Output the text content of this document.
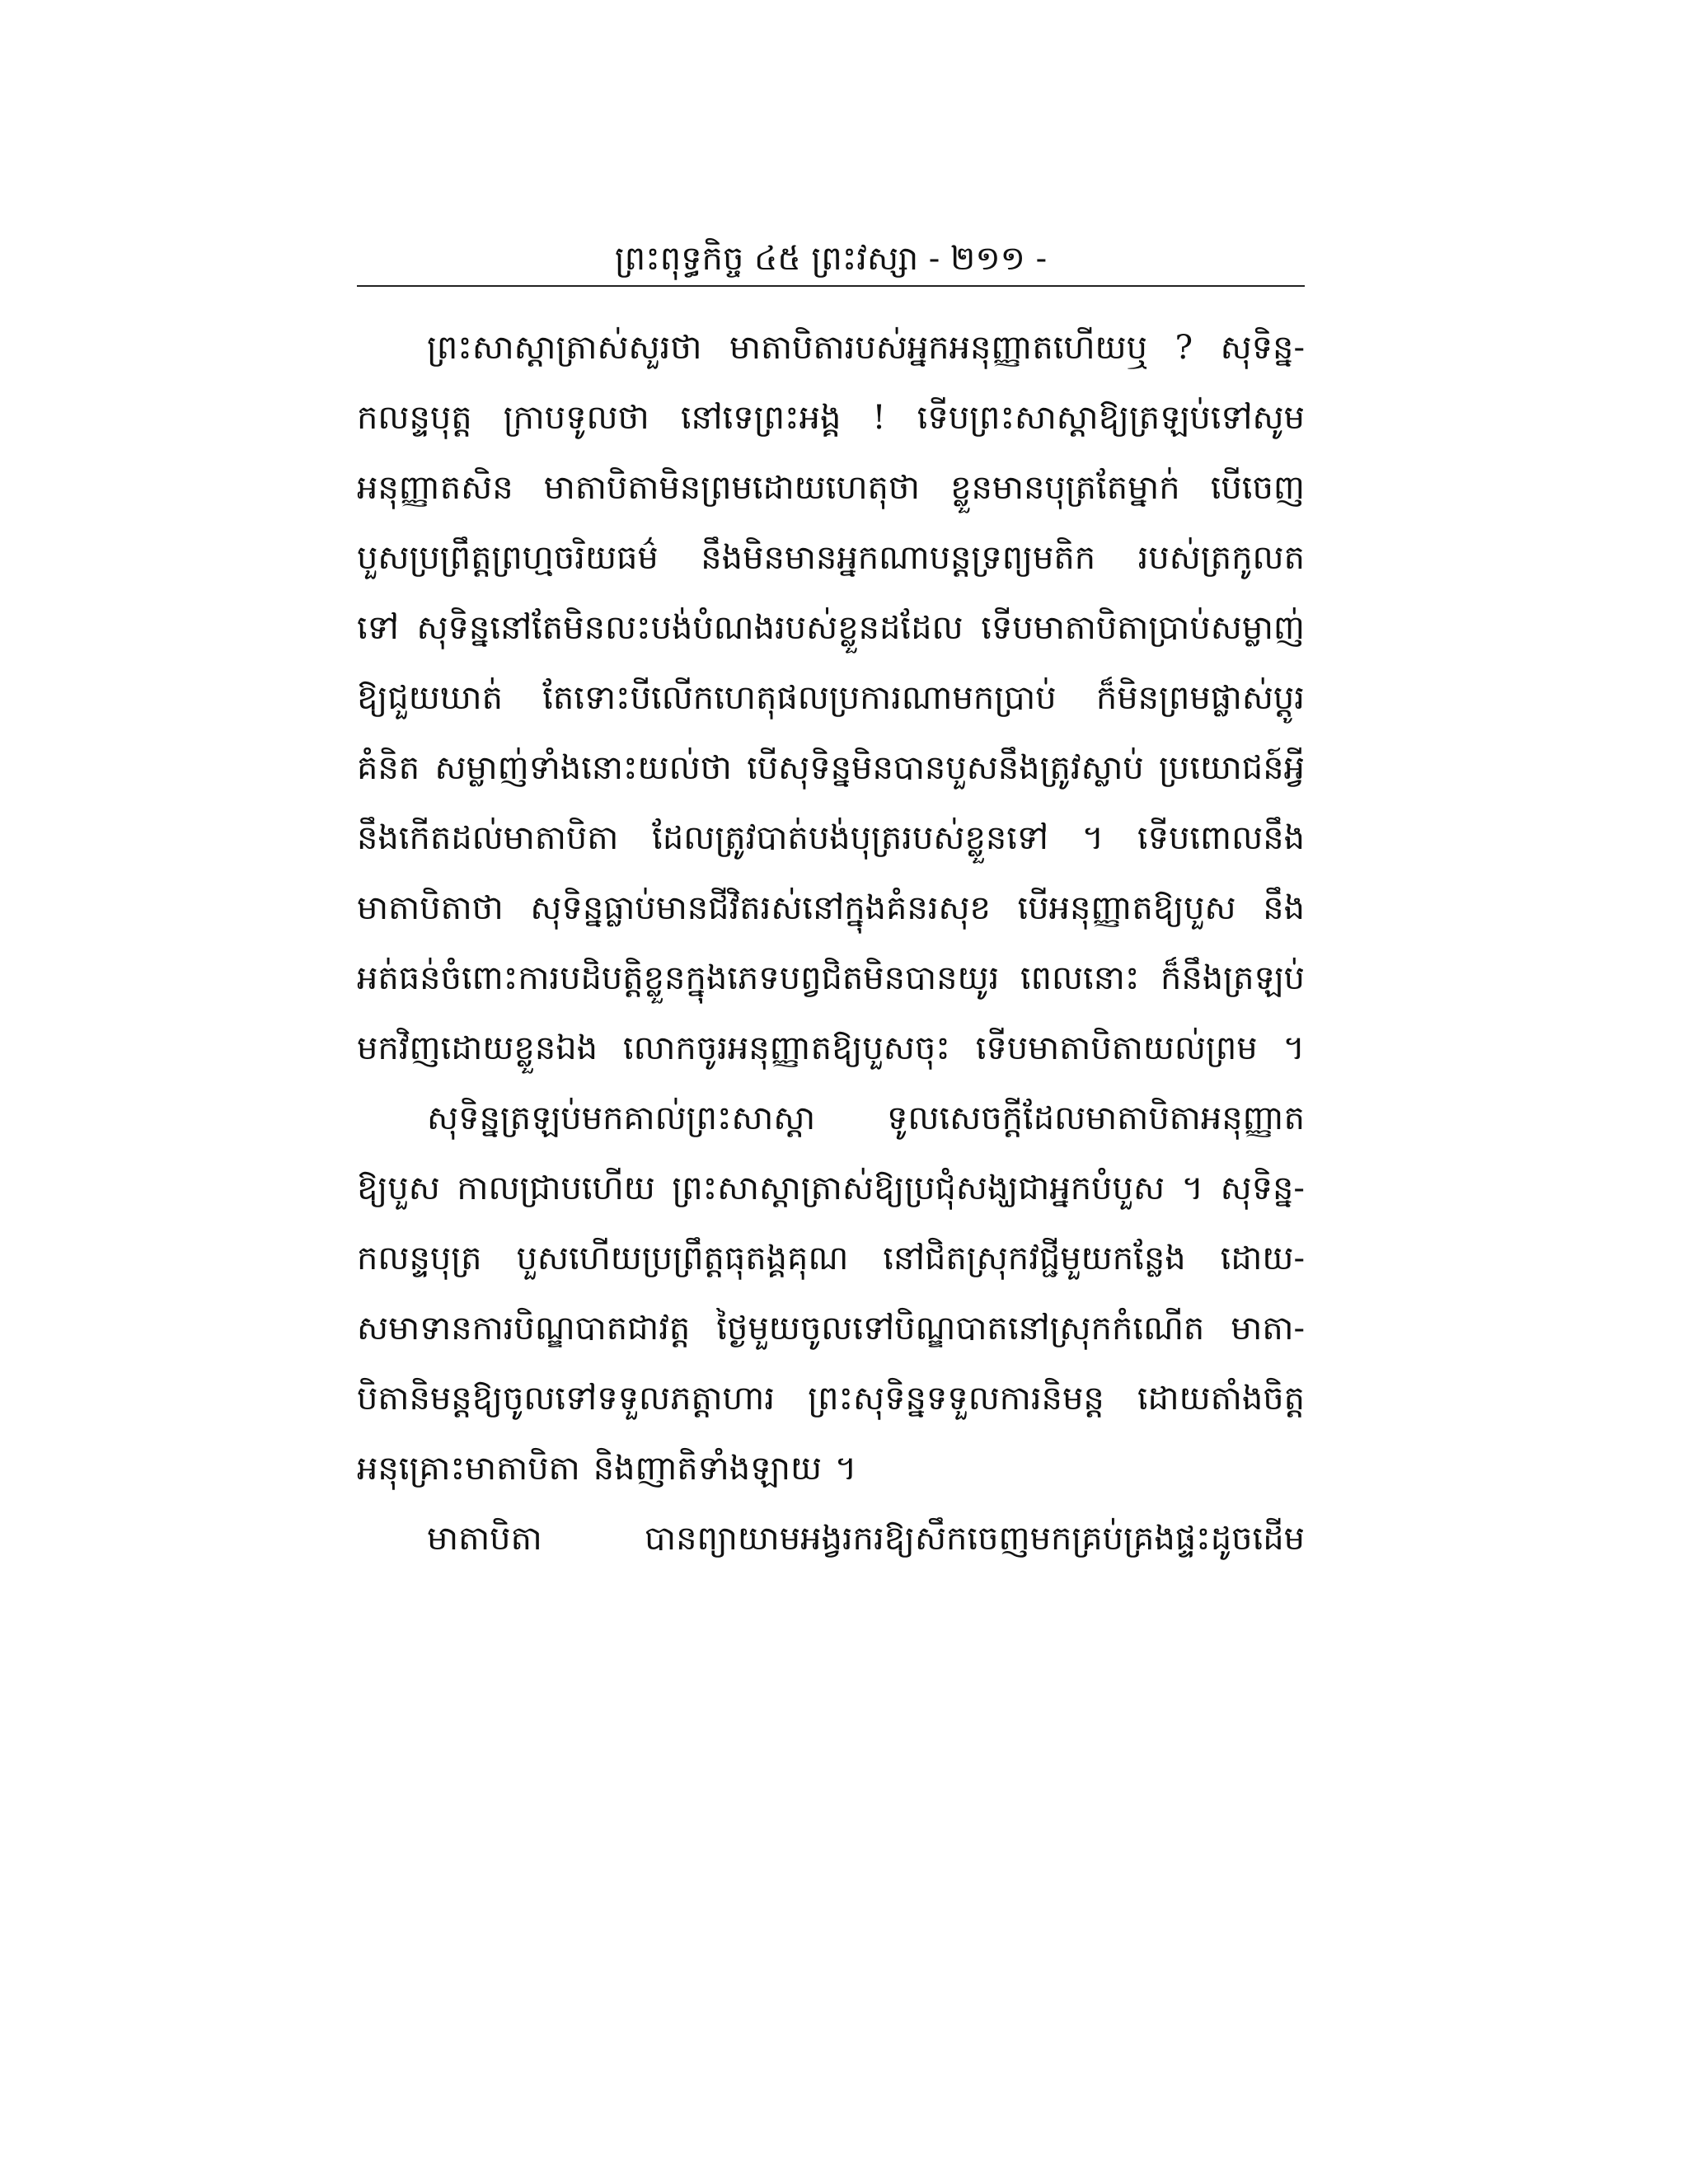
ព្រះពុទ្ធកិច្ច ៤៥ ព្រះវស្សា - ២១១ -
ព្រះសាស្ដាត្រាស់សួរថា មាតាបិតារបស់អ្នកអនុញ្ញាតហើយឬ ? សុទិន្ន-
កលន្ទបុត្ត ក្រាបទូលថា នៅទេព្រះអង្គ ! ទើបព្រះសាស្ដាឱ្យត្រឡប់ទៅសូម
អនុញ្ញាតសិន មាតាបិតាមិនព្រមដោយហេតុថា ខ្លួនមានបុត្រតែម្នាក់ បើចេញ
បួសប្រព្រឹត្តព្រហ្មចរិយធម៌ នឹងមិនមានអ្នកណាបន្តទ្រព្យមតិក របស់ត្រកូលត
ទៅ សុទិន្ននៅតែមិនលះបង់បំណងរបស់ខ្លួនដដែល ទើបមាតាបិតាប្រាប់សម្លាញ់
ឱ្យជួយឃាត់ តែទោះបីលើកហេតុផលប្រការណាមកប្រាប់ ក៏មិនព្រមផ្លាស់ប្ដូរ
គំនិត សម្លាញ់ទាំងនោះយល់ថា បើសុទិន្នមិនបានបួសនឹងត្រូវស្លាប់ ប្រយោជន៍អ្វី
នឹងកើតដល់មាតាបិតា ដែលត្រូវបាត់បង់បុត្ររបស់ខ្លួនទៅ ។ ទើបពោលនឹង
មាតាបិតាថា សុទិន្នធ្លាប់មានជីវិតរស់នៅក្នុងគំនរសុខ បើអនុញ្ញាតឱ្យបួស នឹង
អត់ធន់ចំពោះការបដិបត្តិខ្លួនក្នុងភេទបព្វជិតមិនបានយូរ ពេលនោះ ក៏នឹងត្រឡប់
មកវិញដោយខ្លួនឯង លោកចូរអនុញ្ញាតឱ្យបួសចុះ ទើបមាតាបិតាយល់ព្រម ។
សុទិន្នត្រឡប់មកគាល់ព្រះសាស្ដា ទូលសេចក្ដីដែលមាតាបិតាអនុញ្ញាត
ឱ្យបួស កាលជ្រាបហើយ ព្រះសាស្ដាត្រាស់ឱ្យប្រជុំសង្ឃជាអ្នកបំបួស ។ សុទិន្ន-
កលន្ទបុត្រ បួសហើយប្រព្រឹត្តធុតង្គគុណ នៅជិតស្រុកវជ្ជីមួយកន្លែង ដោយ-
សមាទានការបិណ្ឌបាតជាវត្ត ថ្ងៃមួយចូលទៅបិណ្ឌបាតនៅស្រុកកំណើត មាតា-
បិតានិមន្តឱ្យចូលទៅទទួលភត្តាហារ ព្រះសុទិន្នទទួលការនិមន្ត ដោយតាំងចិត្ត
អនុគ្រោះមាតាបិតា និងញាតិទាំងឡាយ ។
មាតាបិតា	បានព្យាយាមអង្វរករឱ្យសឹកចេញមកគ្រប់គ្រងផ្ទះដូចដើម
